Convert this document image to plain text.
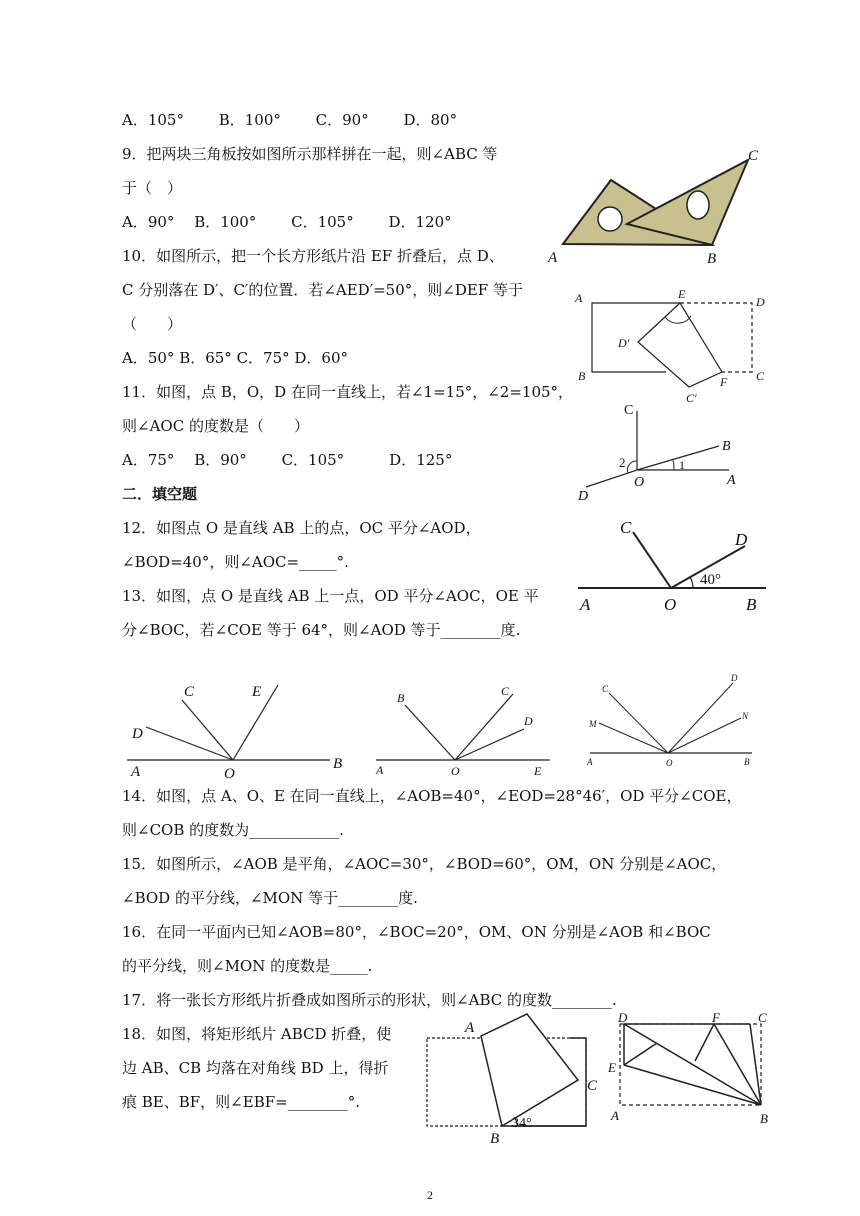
A．105°　　 B．100°　　 C．90°　　 D．80°
9．把两块三角板按如图所示那样拼在一起，则∠ABC 等
于（　）
A．90°　 B．100°　　 C．105°　　 D．120°
10．如图所示，把一个长方形纸片沿 EF 折叠后，点 D、
C 分别落在 D′、C′的位置．若∠AED′=50°，则∠DEF 等于
（　　）
A．50° B．65° C．75° D．60°
11．如图，点 B，O，D 在同一直线上，若∠1=15°，∠2=105°，
则∠AOC 的度数是（　　）
A．75°　 B．90°　　 C．105°　　　D．125°
二．填空题
12．如图点 O 是直线 AB 上的点，OC 平分∠AOD，
∠BOD=40°，则∠AOC=_____°.
13．如图，点 O 是直线 AB 上一点，OD 平分∠AOC，OE 平
分∠BOC，若∠COE 等于 64°，则∠AOD 等于________度.
14．如图，点 A、O、E 在同一直线上，∠AOB=40°，∠EOD=28°46′，OD 平分∠COE，
则∠COB 的度数为____________.
15．如图所示，∠AOB 是平角，∠AOC=30°，∠BOD=60°，OM，ON 分别是∠AOC，
∠BOD 的平分线，∠MON 等于________度.
16．在同一平面内已知∠AOB=80°，∠BOC=20°，OM、ON 分别是∠AOB 和∠BOC
的平分线，则∠MON 的度数是_____.
17．将一张长方形纸片折叠成如图所示的形状，则∠ABC 的度数________.
18．如图，将矩形纸片 ABCD 折叠，使
边 AB、CB 均落在对角线 BD 上，得折
痕 BE、BF，则∠EBF=________°.
A	B
C
A	E
D
D′
B	F C
C′
C
B
2	1
D
O	A
C
D
40°
A	O	B
C	E
D
A	O
B
B	C
D
A	O	E
C
D
M
N
A	O	B
A
C
B
34°
D	F	C
E
A	B
2
